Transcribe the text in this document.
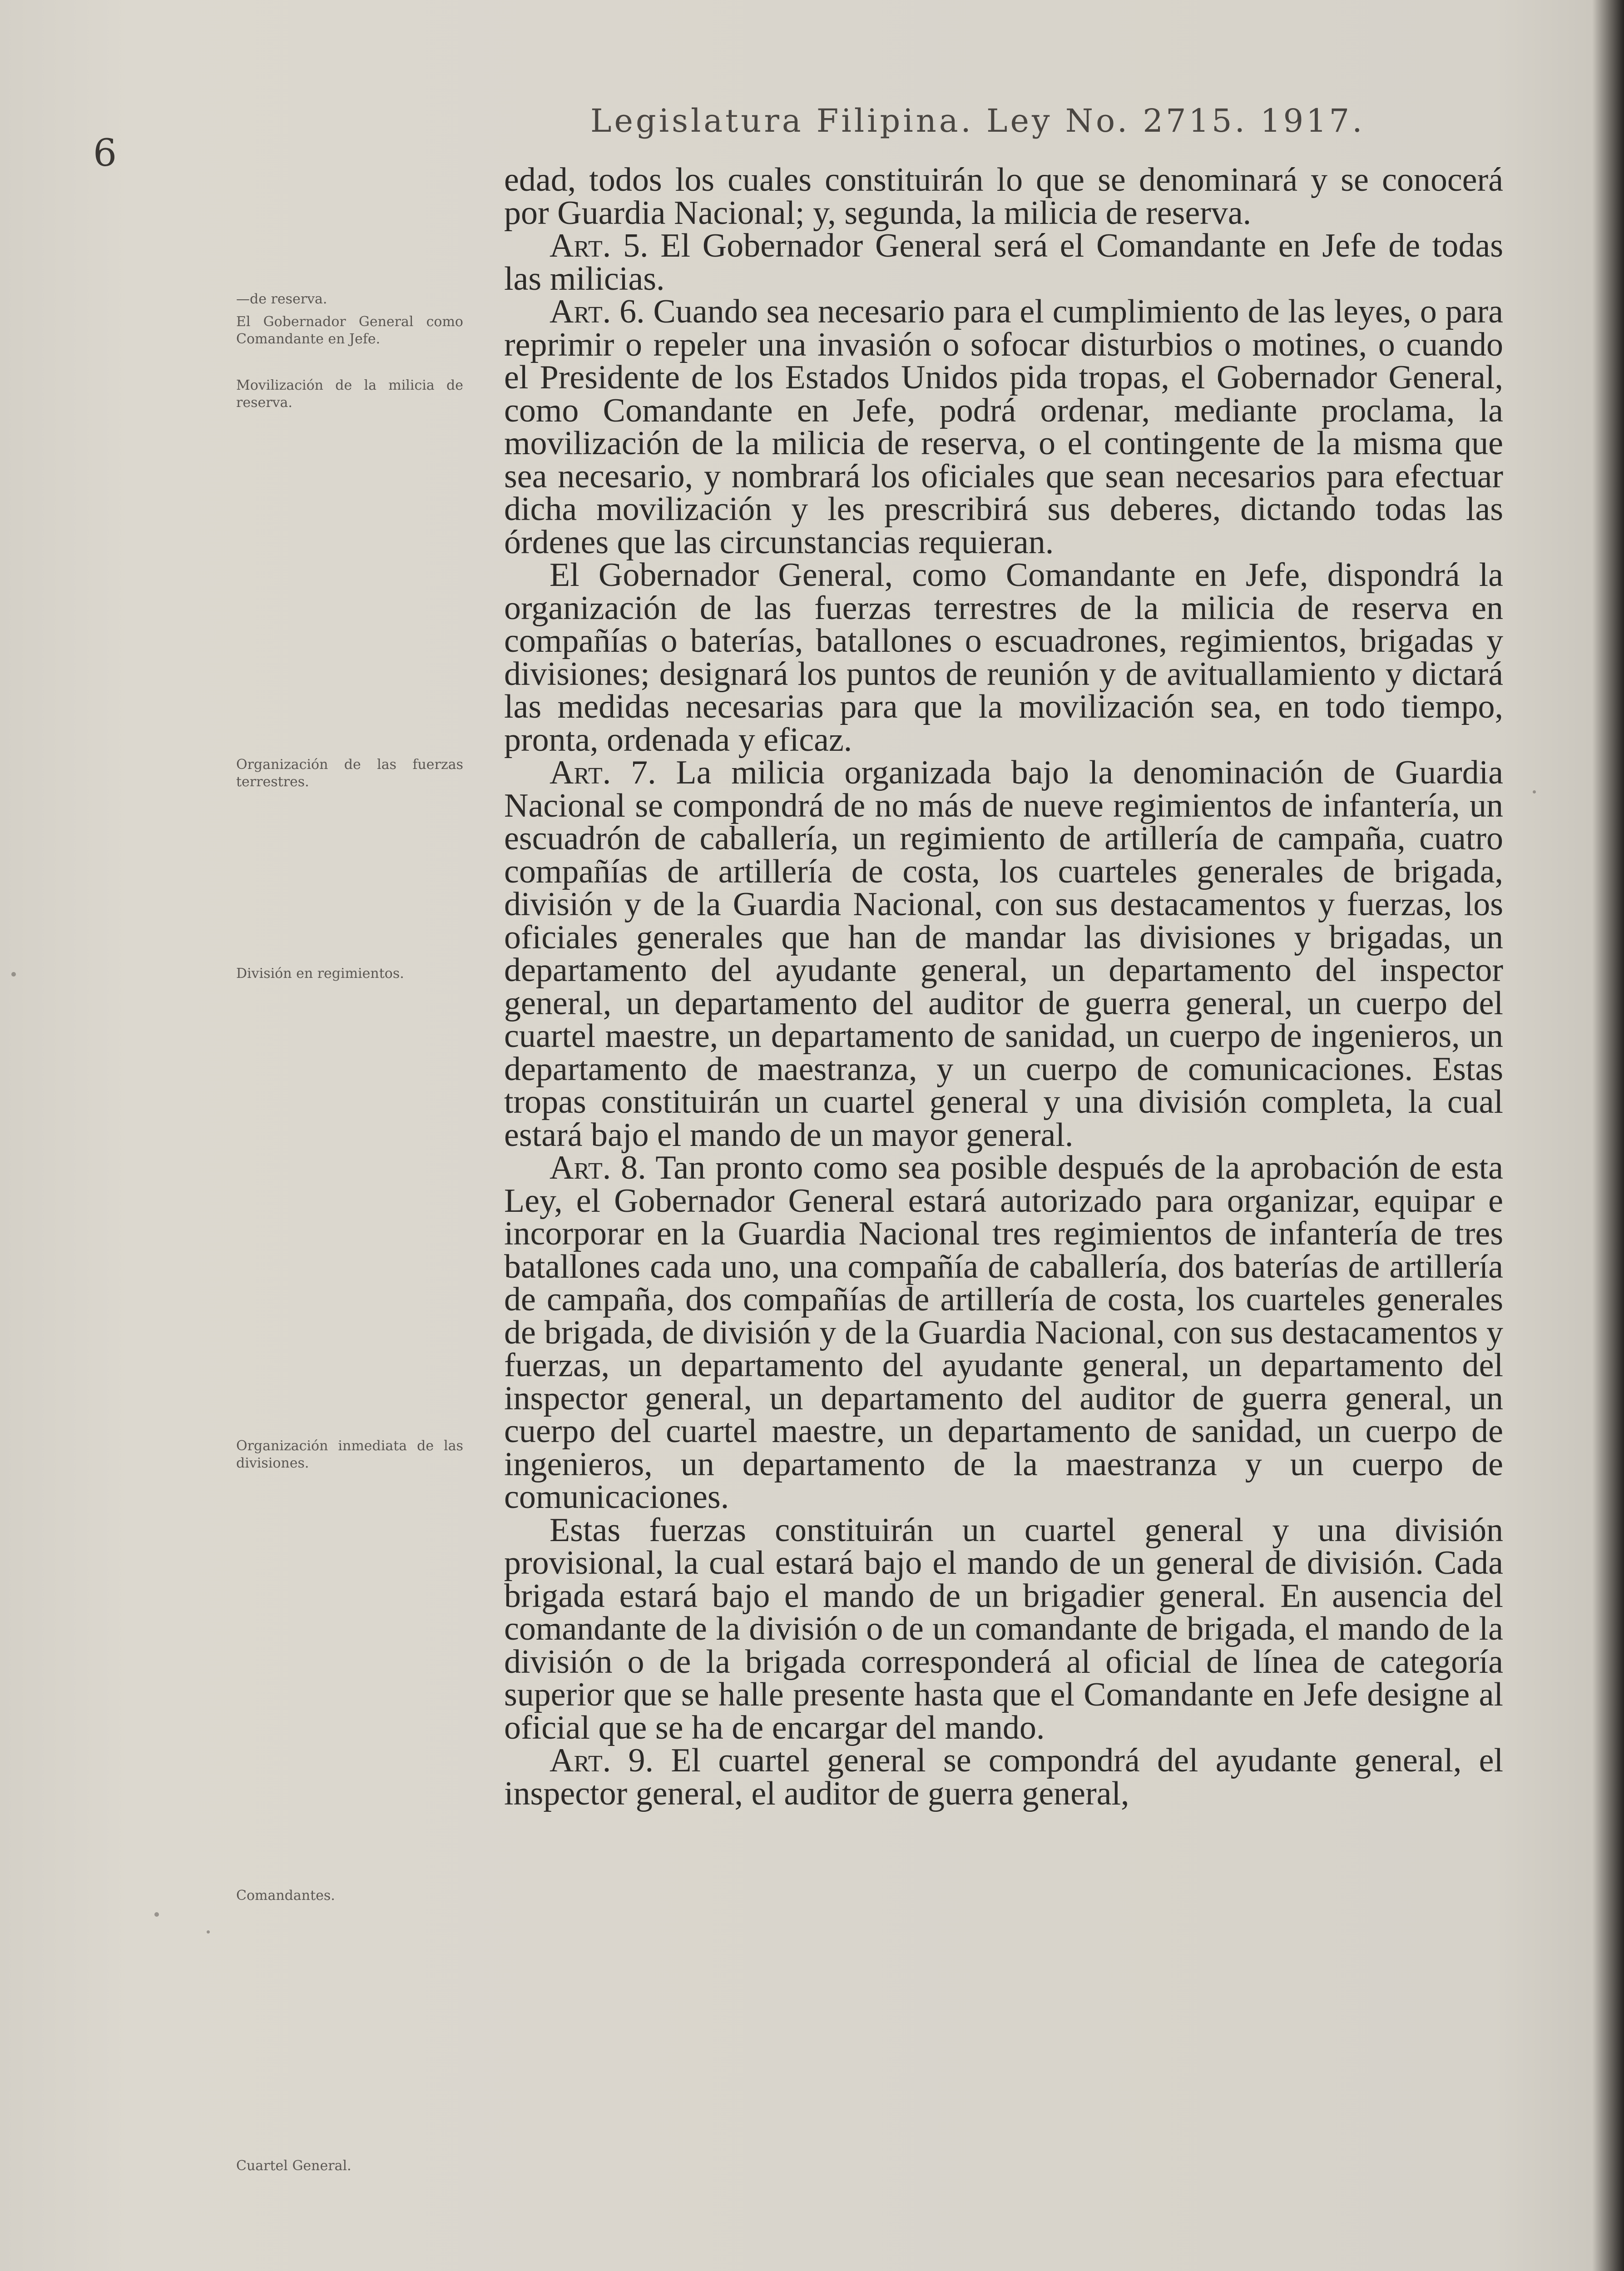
6
Legislatura Filipina. Ley No. 2715. 1917.
—de reserva.
El Gobernador General como Comandante en Jefe.
Movilización de la milicia de reserva.
Organización de las fuerzas terrestres.
División en regimientos.
Organización inmediata de las divisiones.
Comandantes.
Cuartel General.

edad, todos los cuales constituirán lo que se denominará y se conocerá por Guardia Nacional; y, segunda, la milicia de reserva.

Art. 5. El Gobernador General será el Comandante en Jefe de todas las milicias.

Art. 6. Cuando sea necesario para el cumplimiento de las leyes, o para reprimir o repeler una invasión o sofocar disturbios o motines, o cuando el Presidente de los Estados Unidos pida tropas, el Gobernador General, como Comandante en Jefe, podrá ordenar, mediante proclama, la movilización de la milicia de reserva, o el contingente de la misma que sea necesario, y nombrará los oficiales que sean necesarios para efectuar dicha movilización y les prescribirá sus deberes, dictando todas las órdenes que las circunstancias requieran.

El Gobernador General, como Comandante en Jefe, dispondrá la organización de las fuerzas terrestres de la milicia de reserva en compañías o baterías, batallones o escuadrones, regimientos, brigadas y divisiones; designará los puntos de reunión y de avituallamiento y dictará las medidas necesarias para que la movilización sea, en todo tiempo, pronta, ordenada y eficaz.

Art. 7. La milicia organizada bajo la denominación de Guardia Nacional se compondrá de no más de nueve regimientos de infantería, un escuadrón de caballería, un regimiento de artillería de campaña, cuatro compañías de artillería de costa, los cuarteles generales de brigada, división y de la Guardia Nacional, con sus destacamentos y fuerzas, los oficiales generales que han de mandar las divisiones y brigadas, un departamento del ayudante general, un departamento del inspector general, un departamento del auditor de guerra general, un cuerpo del cuartel maestre, un departamento de sanidad, un cuerpo de ingenieros, un departamento de maestranza, y un cuerpo de comunicaciones. Estas tropas constituirán un cuartel general y una división completa, la cual estará bajo el mando de un mayor general.

Art. 8. Tan pronto como sea posible después de la aprobación de esta Ley, el Gobernador General estará autorizado para organizar, equipar e incorporar en la Guardia Nacional tres regimientos de infantería de tres batallones cada uno, una compañía de caballería, dos baterías de artillería de campaña, dos compañías de artillería de costa, los cuarteles generales de brigada, de división y de la Guardia Nacional, con sus destacamentos y fuerzas, un departamento del ayudante general, un departamento del inspector general, un departamento del auditor de guerra general, un cuerpo del cuartel maestre, un departamento de sanidad, un cuerpo de ingenieros, un departamento de la maestranza y un cuerpo de comunicaciones.

Estas fuerzas constituirán un cuartel general y una división provisional, la cual estará bajo el mando de un general de división. Cada brigada estará bajo el mando de un brigadier general. En ausencia del comandante de la división o de un comandante de brigada, el mando de la división o de la brigada corresponderá al oficial de línea de categoría superior que se halle presente hasta que el Comandante en Jefe designe al oficial que se ha de encargar del mando.

Art. 9. El cuartel general se compondrá del ayudante general, el inspector general, el auditor de guerra general,
